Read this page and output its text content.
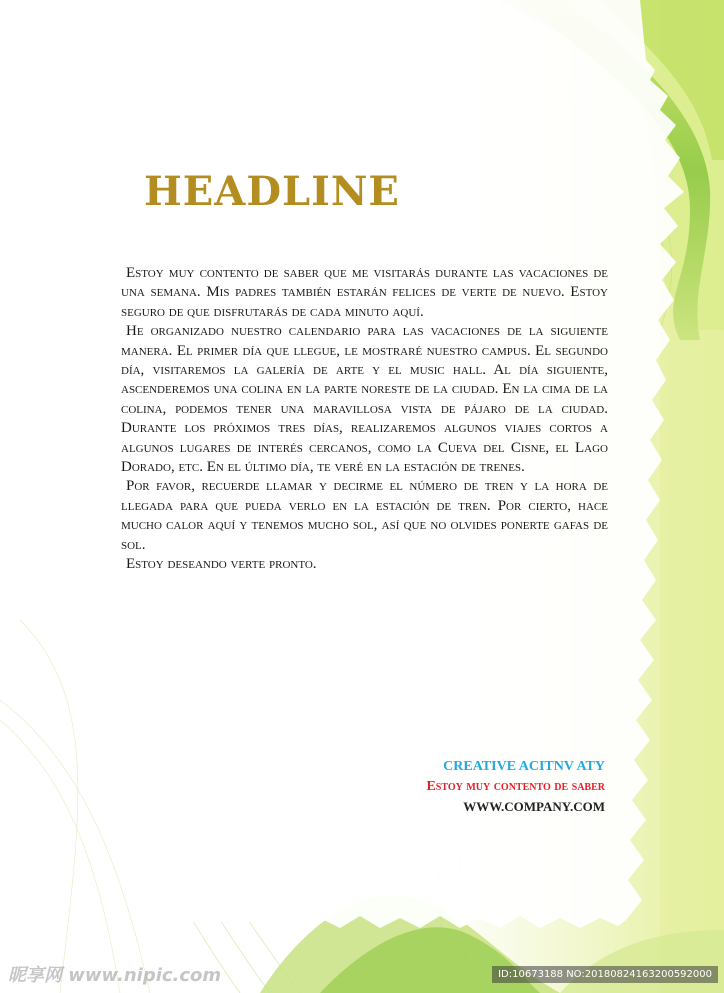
HEADLINE

Estoy muy contento de saber que me visitarás durante las vacaciones de una semana. Mis padres también estarán felices de verte de nuevo. Estoy seguro de que disfrutarás de cada minuto aquí.

He organizado nuestro calendario para las vacaciones de la siguiente manera. El primer día que llegue, le mostraré nuestro campus. El segundo día, visitaremos la galería de arte y el music hall. Al día siguiente, ascenderemos una colina en la parte noreste de la ciudad. En la cima de la colina, podemos tener una maravillosa vista de pájaro de la ciudad. Durante los próximos tres días, realizaremos algunos viajes cortos a algunos lugares de interés cercanos, como la Cueva del Cisne, el Lago Dorado, etc. En el último día, te veré en la estación de trenes.

Por favor, recuerde llamar y decirme el número de tren y la hora de llegada para que pueda verlo en la estación de tren. Por cierto, hace mucho calor aquí y tenemos mucho sol, así que no olvides ponerte gafas de sol.

Estoy deseando verte pronto.

CREATIVE ACITNV ATY
Estoy muy contento de saber
WWW.COMPANY.COM
昵享网 www.nipic.com	ID:10673188 NO:20180824163200592000
